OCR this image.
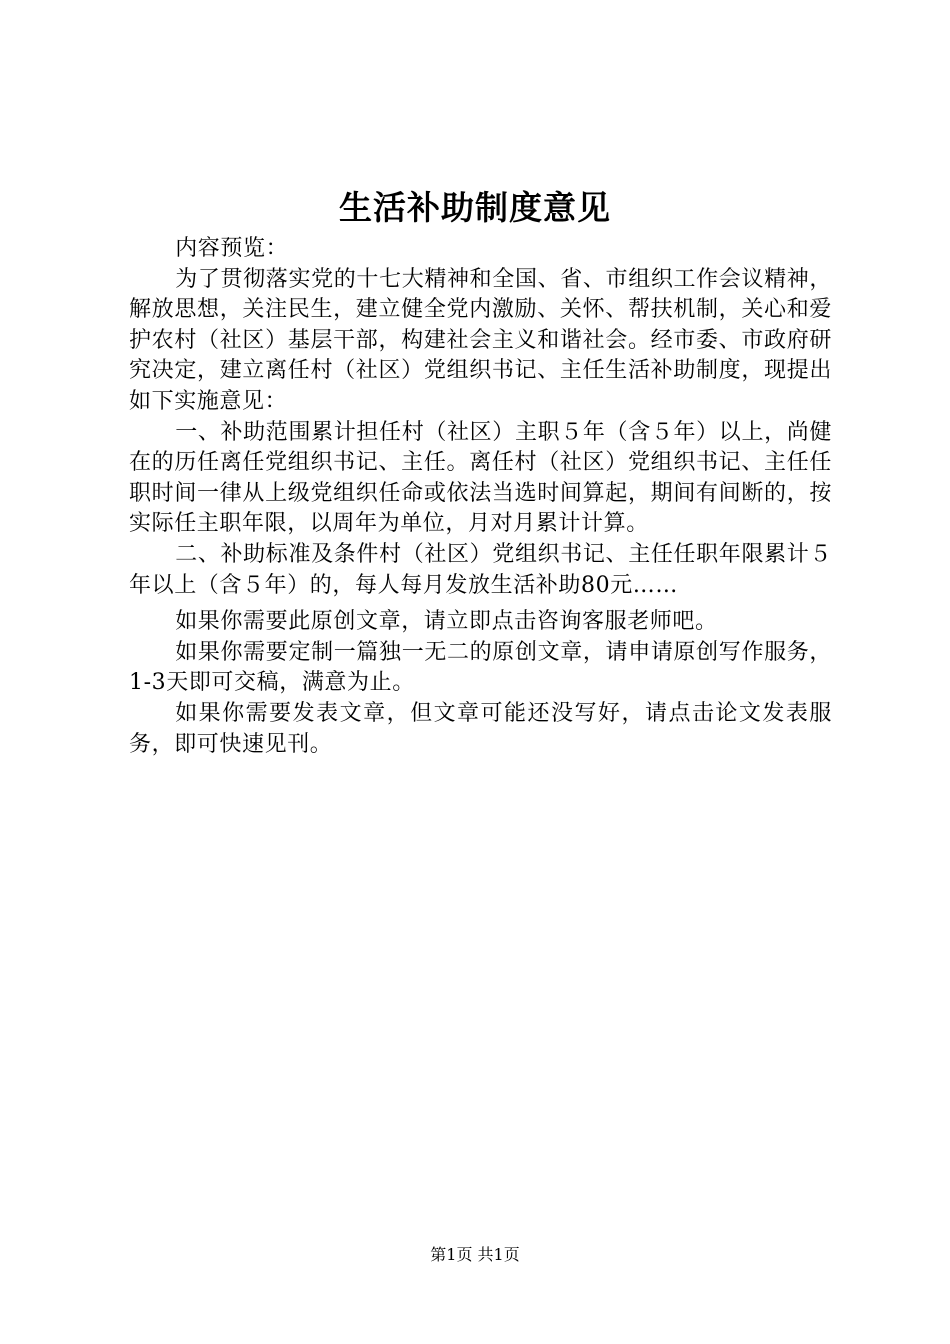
生活补助制度意见

内容预览：

为了贯彻落实党的十七大精神和全国、省、市组织工作会议精神，解放思想，关注民生，建立健全党内激励、关怀、帮扶机制，关心和爱护农村（社区）基层干部，构建社会主义和谐社会。经市委、市政府研究决定，建立离任村（社区）党组织书记、主任生活补助制度，现提出如下实施意见：

一、补助范围累计担任村（社区）主职５年（含５年）以上，尚健在的历任离任党组织书记、主任。离任村（社区）党组织书记、主任任职时间一律从上级党组织任命或依法当选时间算起，期间有间断的，按实际任主职年限，以周年为单位，月对月累计计算。

二、补助标准及条件村（社区）党组织书记、主任任职年限累计５年以上（含５年）的，每人每月发放生活补助80元……

如果你需要此原创文章，请立即点击咨询客服老师吧。

如果你需要定制一篇独一无二的原创文章，请申请原创写作服务，1-3天即可交稿，满意为止。

如果你需要发表文章，但文章可能还没写好，请点击论文发表服务，即可快速见刊。

第1页 共1页
